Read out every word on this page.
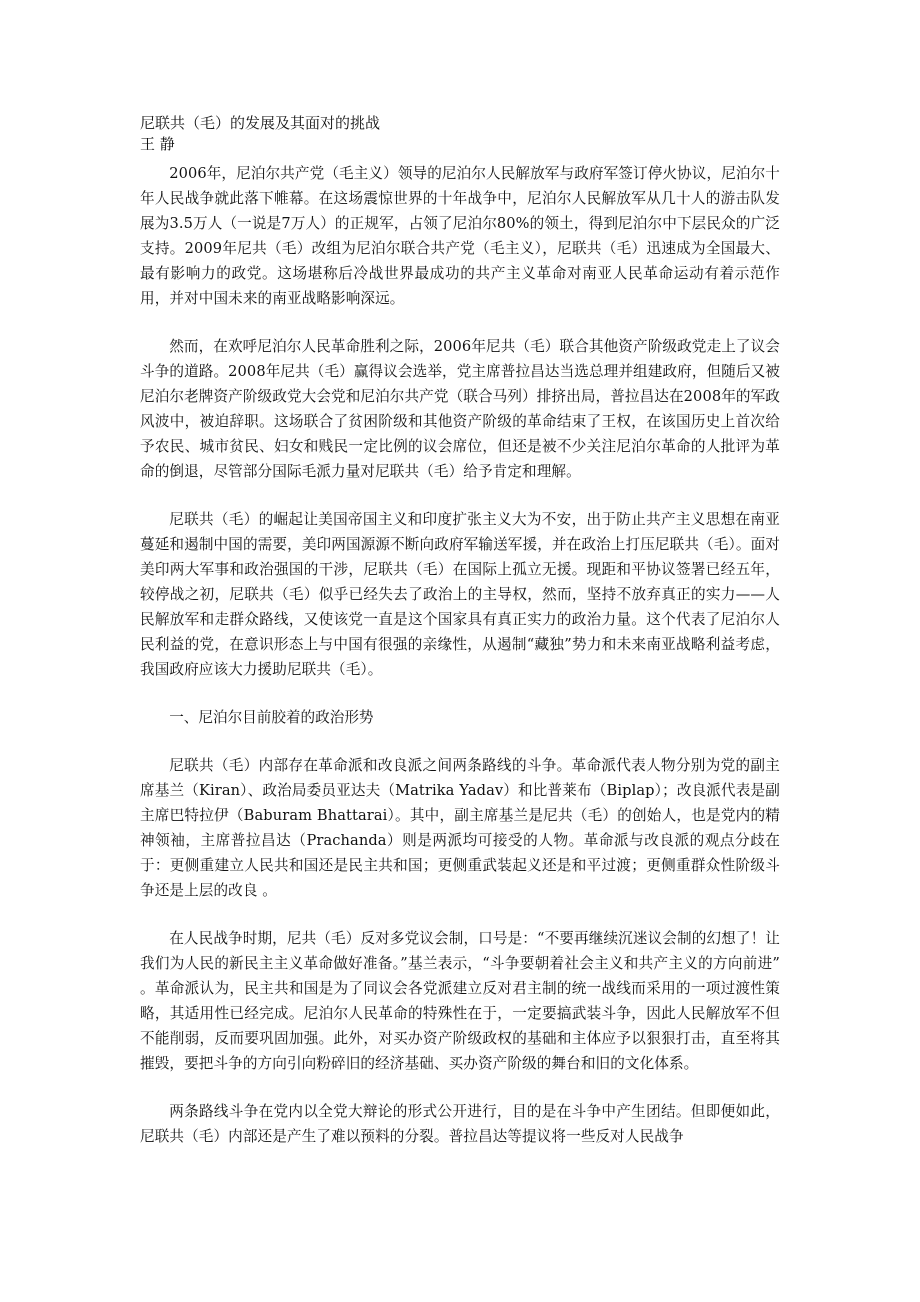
尼联共（毛）的发展及其面对的挑战

王 静

2006年，尼泊尔共产党（毛主义）领导的尼泊尔人民解放军与政府军签订停火协议，尼泊尔十年人民战争就此落下帷幕。在这场震惊世界的十年战争中，尼泊尔人民解放军从几十人的游击队发展为3.5万人（一说是7万人）的正规军，占领了尼泊尔80%的领土，得到尼泊尔中下层民众的广泛支持。2009年尼共（毛）改组为尼泊尔联合共产党（毛主义），尼联共（毛）迅速成为全国最大、最有影响力的政党。这场堪称后冷战世界最成功的共产主义革命对南亚人民革命运动有着示范作用，并对中国未来的南亚战略影响深远。

然而，在欢呼尼泊尔人民革命胜利之际，2006年尼共（毛）联合其他资产阶级政党走上了议会斗争的道路。2008年尼共（毛）赢得议会选举，党主席普拉昌达当选总理并组建政府，但随后又被尼泊尔老牌资产阶级政党大会党和尼泊尔共产党（联合马列）排挤出局，普拉昌达在2008年的军政风波中，被迫辞职。这场联合了贫困阶级和其他资产阶级的革命结束了王权，在该国历史上首次给予农民、城市贫民、妇女和贱民一定比例的议会席位，但还是被不少关注尼泊尔革命的人批评为革命的倒退，尽管部分国际毛派力量对尼联共（毛）给予肯定和理解。

尼联共（毛）的崛起让美国帝国主义和印度扩张主义大为不安，出于防止共产主义思想在南亚蔓延和遏制中国的需要，美印两国源源不断向政府军输送军援，并在政治上打压尼联共（毛）。面对美印两大军事和政治强国的干涉，尼联共（毛）在国际上孤立无援。现距和平协议签署已经五年，较停战之初，尼联共（毛）似乎已经失去了政治上的主导权，然而，坚持不放弃真正的实力——人民解放军和走群众路线，又使该党一直是这个国家具有真正实力的政治力量。这个代表了尼泊尔人民利益的党，在意识形态上与中国有很强的亲缘性，从遏制“藏独”势力和未来南亚战略利益考虑，我国政府应该大力援助尼联共（毛）。

一、尼泊尔目前胶着的政治形势

尼联共（毛）内部存在革命派和改良派之间两条路线的斗争。革命派代表人物分别为党的副主席基兰（Kiran）、政治局委员亚达夫（Matrika Yadav）和比普莱布（Biplap）；改良派代表是副主席巴特拉伊（Baburam Bhattarai）。其中，副主席基兰是尼共（毛）的创始人，也是党内的精神领袖，主席普拉昌达（Prachanda）则是两派均可接受的人物。革命派与改良派的观点分歧在于：更侧重建立人民共和国还是民主共和国；更侧重武装起义还是和平过渡；更侧重群众性阶级斗争还是上层的改良 。

在人民战争时期，尼共（毛）反对多党议会制，口号是：“不要再继续沉迷议会制的幻想了！让我们为人民的新民主主义革命做好准备。”基兰表示，“斗争要朝着社会主义和共产主义的方向前进” 。革命派认为，民主共和国是为了同议会各党派建立反对君主制的统一战线而采用的一项过渡性策略，其适用性已经完成。尼泊尔人民革命的特殊性在于，一定要搞武装斗争，因此人民解放军不但不能削弱，反而要巩固加强。此外，对买办资产阶级政权的基础和主体应予以狠狠打击，直至将其摧毁，要把斗争的方向引向粉碎旧的经济基础、买办资产阶级的舞台和旧的文化体系。

两条路线斗争在党内以全党大辩论的形式公开进行，目的是在斗争中产生团结。但即便如此，尼联共（毛）内部还是产生了难以预料的分裂。普拉昌达等提议将一些反对人民战争
